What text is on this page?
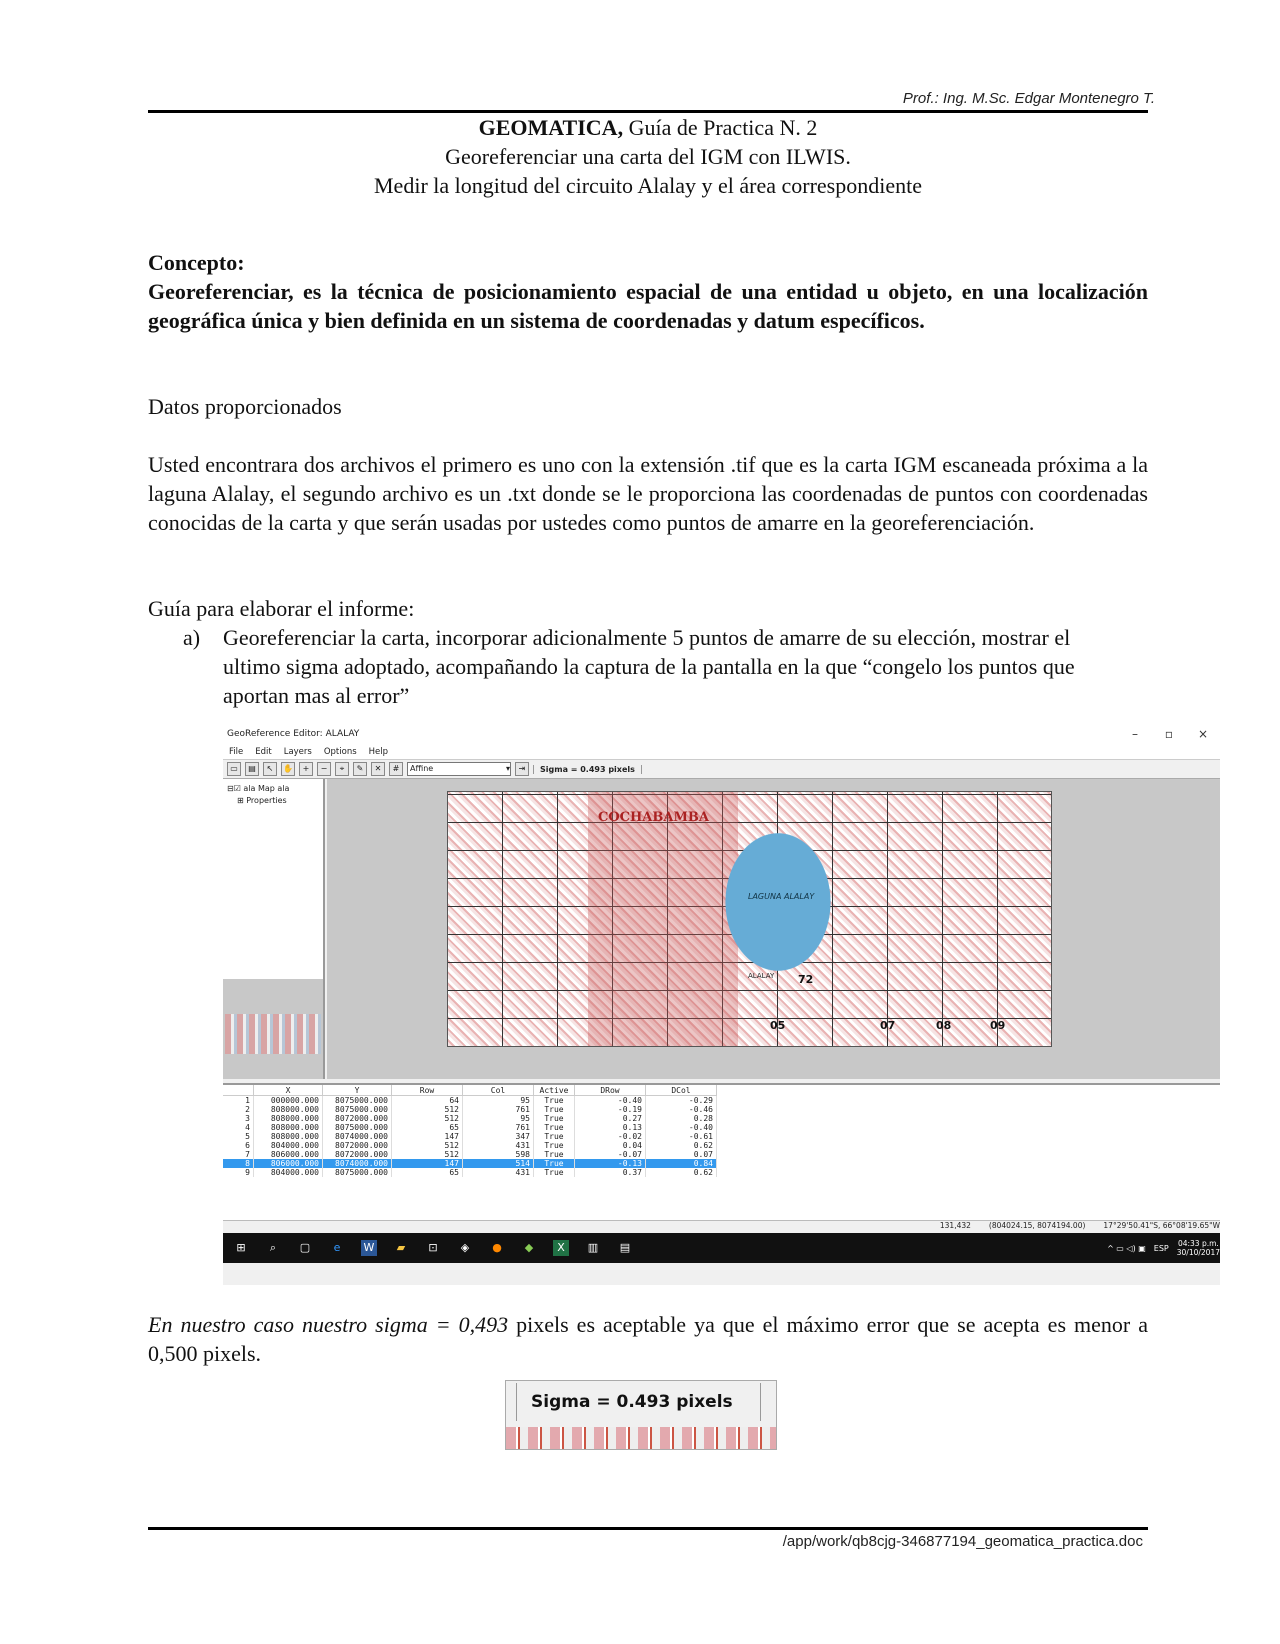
Prof.: Ing. M.Sc. Edgar Montenegro T.
GEOMATICA, Guía de Practica N. 2
Georeferenciar una carta del IGM con ILWIS.
Medir la longitud del circuito Alalay y el área correspondiente
Concepto:
Georeferenciar, es la técnica de posicionamiento espacial de una entidad u objeto, en una localización geográfica única y bien definida en un sistema de coordenadas y datum específicos.
Datos proporcionados
Usted encontrara dos archivos el primero es uno con la extensión .tif que es la carta IGM escaneada próxima a la laguna Alalay, el segundo archivo es un .txt donde se le proporciona las coordenadas de puntos con coordenadas conocidas de la carta y que serán usadas por ustedes como puntos de amarre en la georeferenciación.
Guía para elaborar el informe:
a) Georeferenciar la carta, incorporar adicionalmente 5 puntos de amarre de su elección, mostrar el ultimo sigma adoptado, acompañando la captura de la pantalla en la que “congelo los puntos que aportan mas al error”
GeoReference Editor: ALALAY	–	▫	×
File Edit Layers Options Help
▭	▤	↖	✋	+	−	⌖	✎	✕	#	Affine	▾	⇥	Sigma = 0.493 pixels
⊟☑ ala Map ala
⊞ Properties
COCHABAMBA
LAGUNA ALALAY
ALALAY 72
05	07	08	09
	X	Y	Row	Col	Active	DRow	DCol
1	000000.000	8075000.000	64	95	True	-0.40	-0.29
2	808000.000	8075000.000	512	761	True	-0.19	-0.46
3	808000.000	8072000.000	512	95	True	0.27	0.28
4	808000.000	8075000.000	65	761	True	0.13	-0.40
5	808000.000	8074000.000	147	347	True	-0.02	-0.61
6	804000.000	8072000.000	512	431	True	0.04	0.62
7	806000.000	8072000.000	512	598	True	-0.07	0.07
8	806000.000	8074000.000	147	514	True	-0.13	0.84
9	804000.000	8075000.000	65	431	True	0.37	0.62
131,432 (804024.15, 8074194.00) 17°29'50.41"S, 66°08'19.65"W
⊞	⌕	▢	e	W	▰	⊡	◈	●	◆	X	▥ ▤	^ ▭ ◁) ▣ ESP 04:33 p.m.
30/10/2017
En nuestro caso nuestro sigma = 0,493 pixels es aceptable ya que el máximo error que se acepta es menor a 0,500 pixels.
Sigma = 0.493 pixels
/app/work/qb8cjg-346877194_geomatica_practica.doc
